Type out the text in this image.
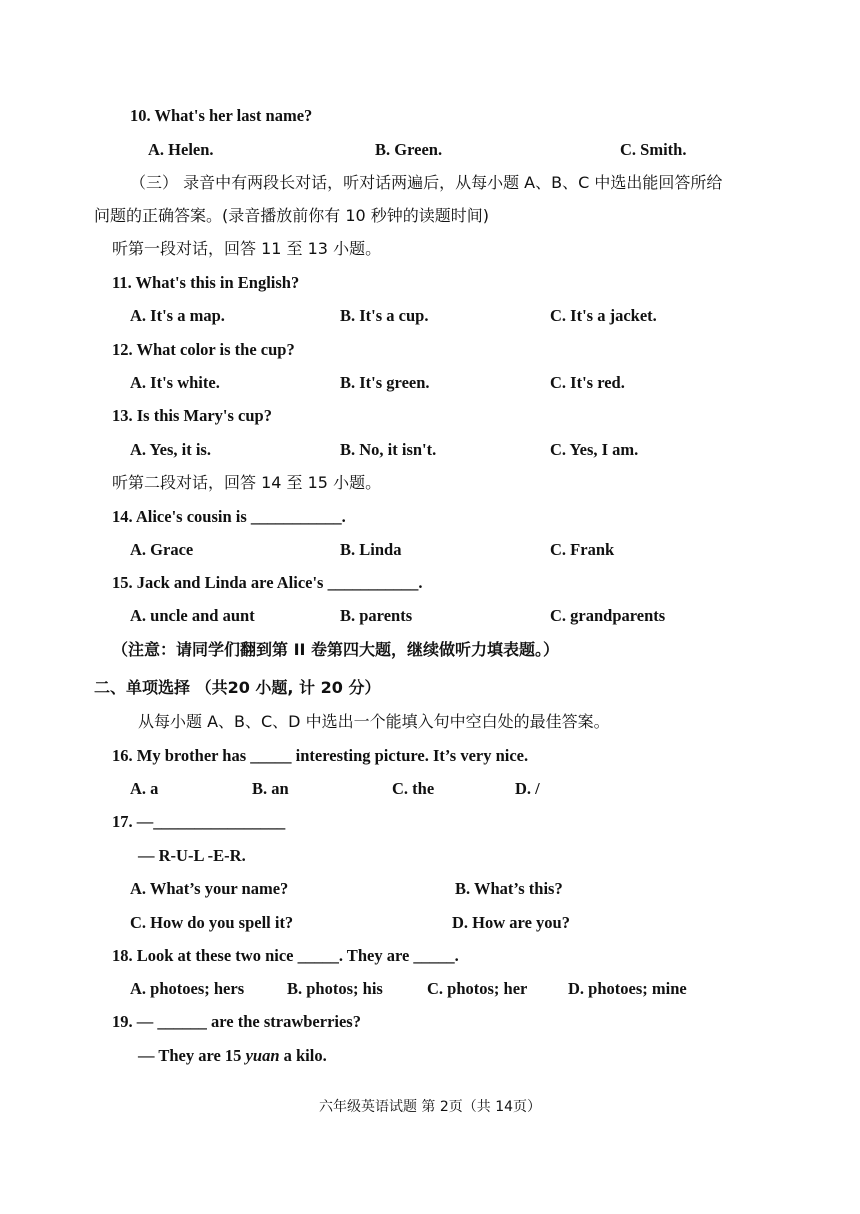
10. What's her last name?
A. Helen.	B. Green.	C. Smith.
（三） 录音中有两段长对话，听对话两遍后，从每小题 A、B、C 中选出能回答所给
问题的正确答案。(录音播放前你有 10 秒钟的读题时间)
听第一段对话，回答 11 至 13 小题。
11. What's this in English?
A. It's a map.	B. It's a cup.	C. It's a jacket.
12. What color is the cup?
A. It's white.	B. It's green.	C. It's red.
13. Is this Mary's cup?
A. Yes, it is.	B. No, it isn't.	C. Yes, I am.
听第二段对话，回答 14 至 15 小题。
14. Alice's cousin is ___________.
A. Grace	B. Linda	C. Frank
15. Jack and Linda are Alice's ___________.
A. uncle and aunt	B. parents	C. grandparents
（注意：请同学们翻到第 II 卷第四大题，继续做听力填表题。）
二、单项选择 （共20 小题, 计 20 分）
从每小题 A、B、C、D 中选出一个能填入句中空白处的最佳答案。
16. My brother has _____ interesting picture. It’s very nice.
A. a	B. an	C. the	D. /
17. —________________
— R-U-L -E-R.
A. What’s your name?	B. What’s this?
C. How do you spell it?	D. How are you?
18. Look at these two nice _____. They are _____.
A. photoes; hers	B. photos; his	C. photos; her D. photoes; mine
19. — ______ are the strawberries?
— They are 15 yuan a kilo.
六年级英语试题 第 2页（共 14页）
